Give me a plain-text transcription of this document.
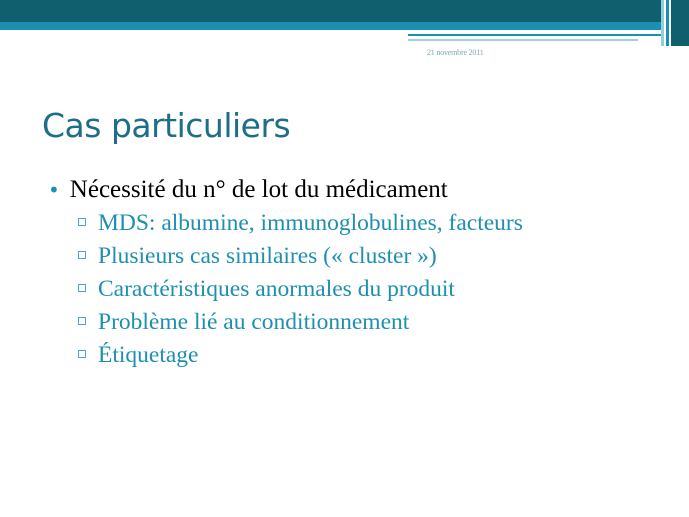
21 novembre 2011
Cas particuliers
• Nécessité du n° de lot du médicament
MDS: albumine, immunoglobulines, facteurs
Plusieurs cas similaires (« cluster »)
Caractéristiques anormales du produit
Problème lié au conditionnement
Étiquetage
